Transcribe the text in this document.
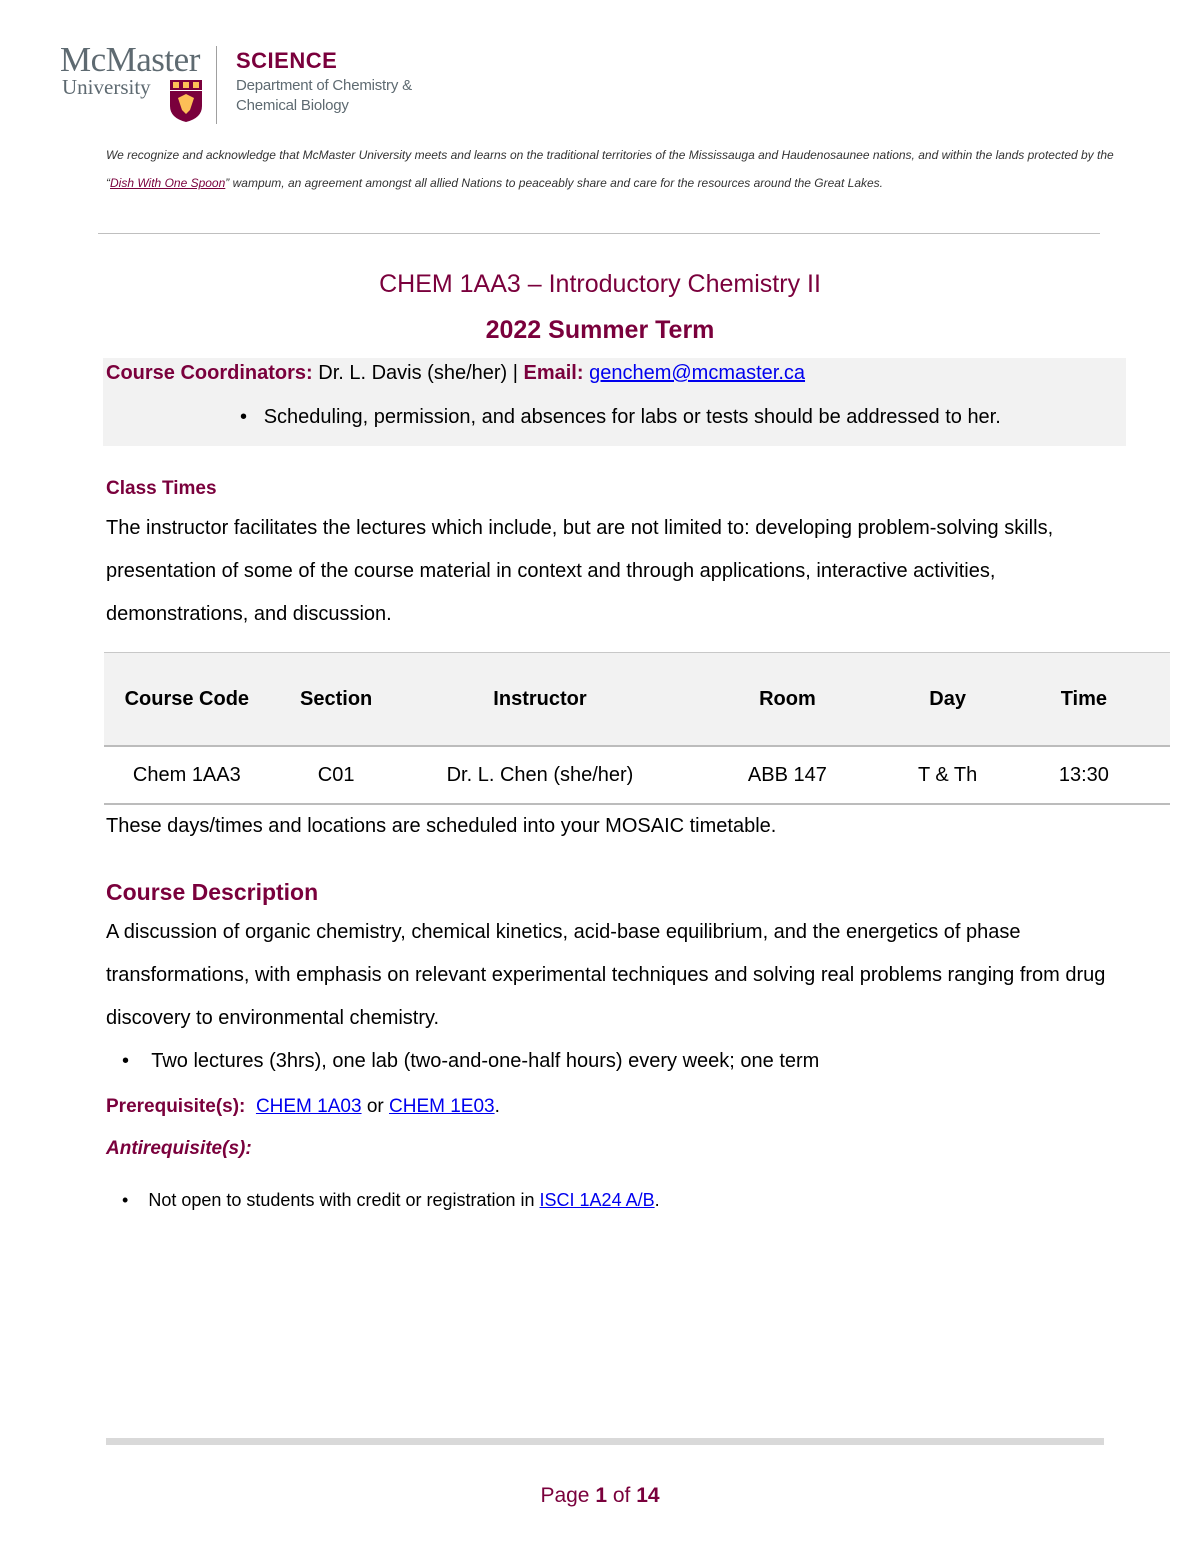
McMaster
University
SCIENCE
Department of Chemistry &
Chemical Biology
We recognize and acknowledge that McMaster University meets and learns on the traditional territories of the Mississauga and Haudenosaunee nations, and within the lands protected by the “Dish With One Spoon” wampum, an agreement amongst all allied Nations to peaceably share and care for the resources around the Great Lakes.
CHEM 1AA3 – Introductory Chemistry II
2022 Summer Term
Course Coordinators: Dr. L. Davis (she/her) | Email: genchem@mcmaster.ca
• Scheduling, permission, and absences for labs or tests should be addressed to her.
Class Times
The instructor facilitates the lectures which include, but are not limited to: developing problem-solving skills, presentation of some of the course material in context and through applications, interactive activities, demonstrations, and discussion.
Course Code	Section	Instructor	Room	Day	Time
Chem 1AA3	C01	Dr. L. Chen (she/her)	ABB 147	T & Th	13:30
These days/times and locations are scheduled into your MOSAIC timetable.
Course Description
A discussion of organic chemistry, chemical kinetics, acid-base equilibrium, and the energetics of phase transformations, with emphasis on relevant experimental techniques and solving real problems ranging from drug discovery to environmental chemistry.
• Two lectures (3hrs), one lab (two-and-one-half hours) every week; one term
Prerequisite(s): CHEM 1A03 or CHEM 1E03.
Antirequisite(s):
• Not open to students with credit or registration in ISCI 1A24 A/B.
Page 1 of 14
